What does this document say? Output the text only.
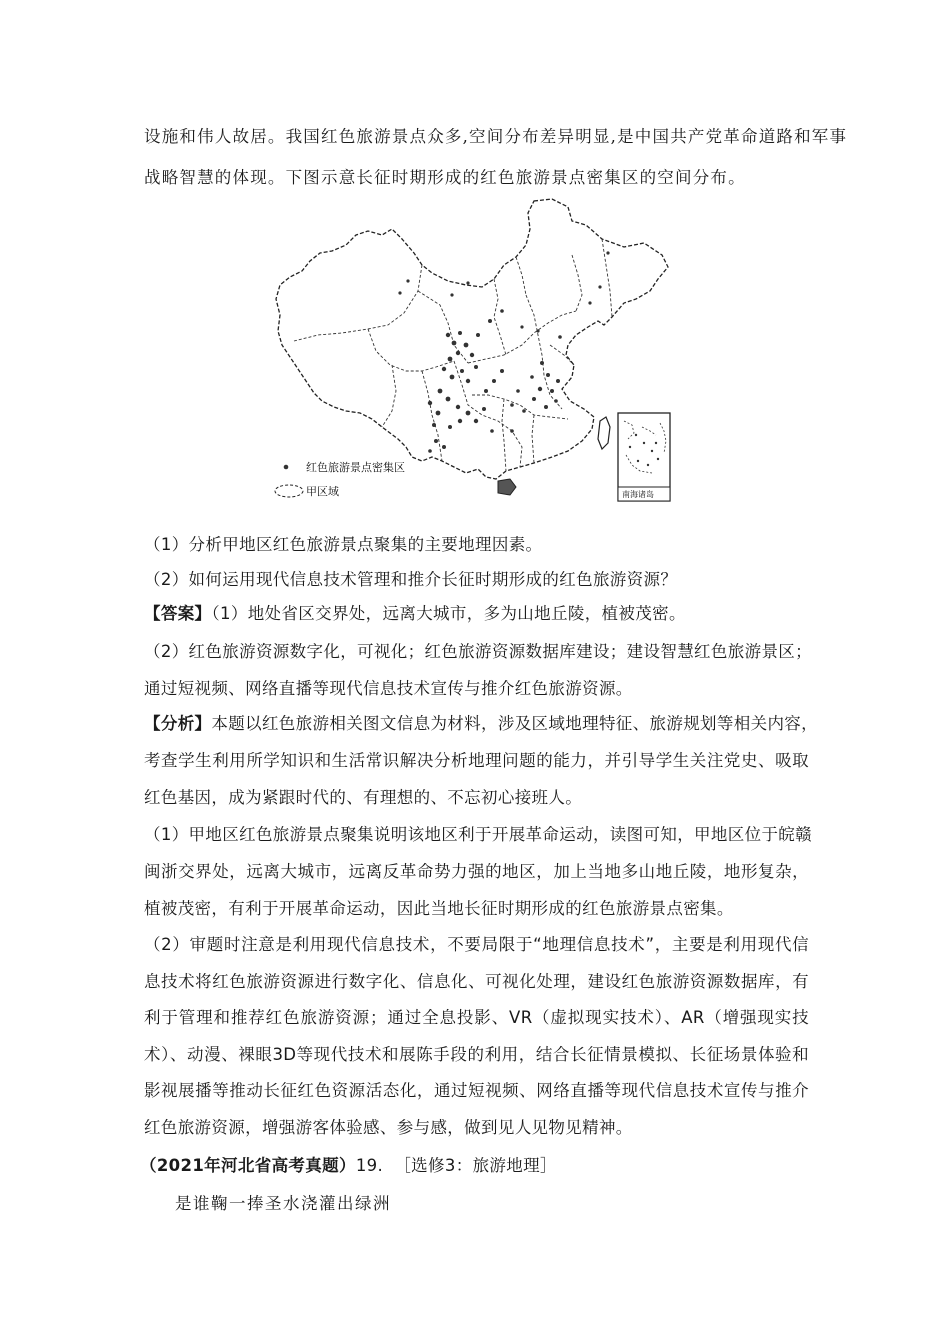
设施和伟人故居。我国红色旅游景点众多,空间分布差异明显,是中国共产党革命道路和军事
战略智慧的体现。下图示意长征时期形成的红色旅游景点密集区的空间分布。
红色旅游景点密集区
甲区域	南海诸岛
（1）分析甲地区红色旅游景点聚集的主要地理因素。
（2）如何运用现代信息技术管理和推介长征时期形成的红色旅游资源？
【答案】（1）地处省区交界处，远离大城市，多为山地丘陵，植被茂密。
（2）红色旅游资源数字化，可视化；红色旅游资源数据库建设；建设智慧红色旅游景区；
通过短视频、网络直播等现代信息技术宣传与推介红色旅游资源。
【分析】本题以红色旅游相关图文信息为材料，涉及区域地理特征、旅游规划等相关内容，
考查学生利用所学知识和生活常识解决分析地理问题的能力，并引导学生关注党史、吸取
红色基因，成为紧跟时代的、有理想的、不忘初心接班人。
（1）甲地区红色旅游景点聚集说明该地区利于开展革命运动，读图可知，甲地区位于皖赣
闽浙交界处，远离大城市，远离反革命势力强的地区，加上当地多山地丘陵，地形复杂，
植被茂密，有利于开展革命运动，因此当地长征时期形成的红色旅游景点密集。
（2）审题时注意是利用现代信息技术，不要局限于“地理信息技术”，主要是利用现代信
息技术将红色旅游资源进行数字化、信息化、可视化处理，建设红色旅游资源数据库，有
利于管理和推荐红色旅游资源；通过全息投影、VR（虚拟现实技术）、AR（增强现实技
术）、动漫、裸眼3D等现代技术和展陈手段的利用，结合长征情景模拟、长征场景体验和
影视展播等推动长征红色资源活态化，通过短视频、网络直播等现代信息技术宣传与推介
红色旅游资源，增强游客体验感、参与感，做到见人见物见精神。
（2021年河北省高考真题）19. ［选修3：旅游地理］
是谁鞠一捧圣水浇灌出绿洲
